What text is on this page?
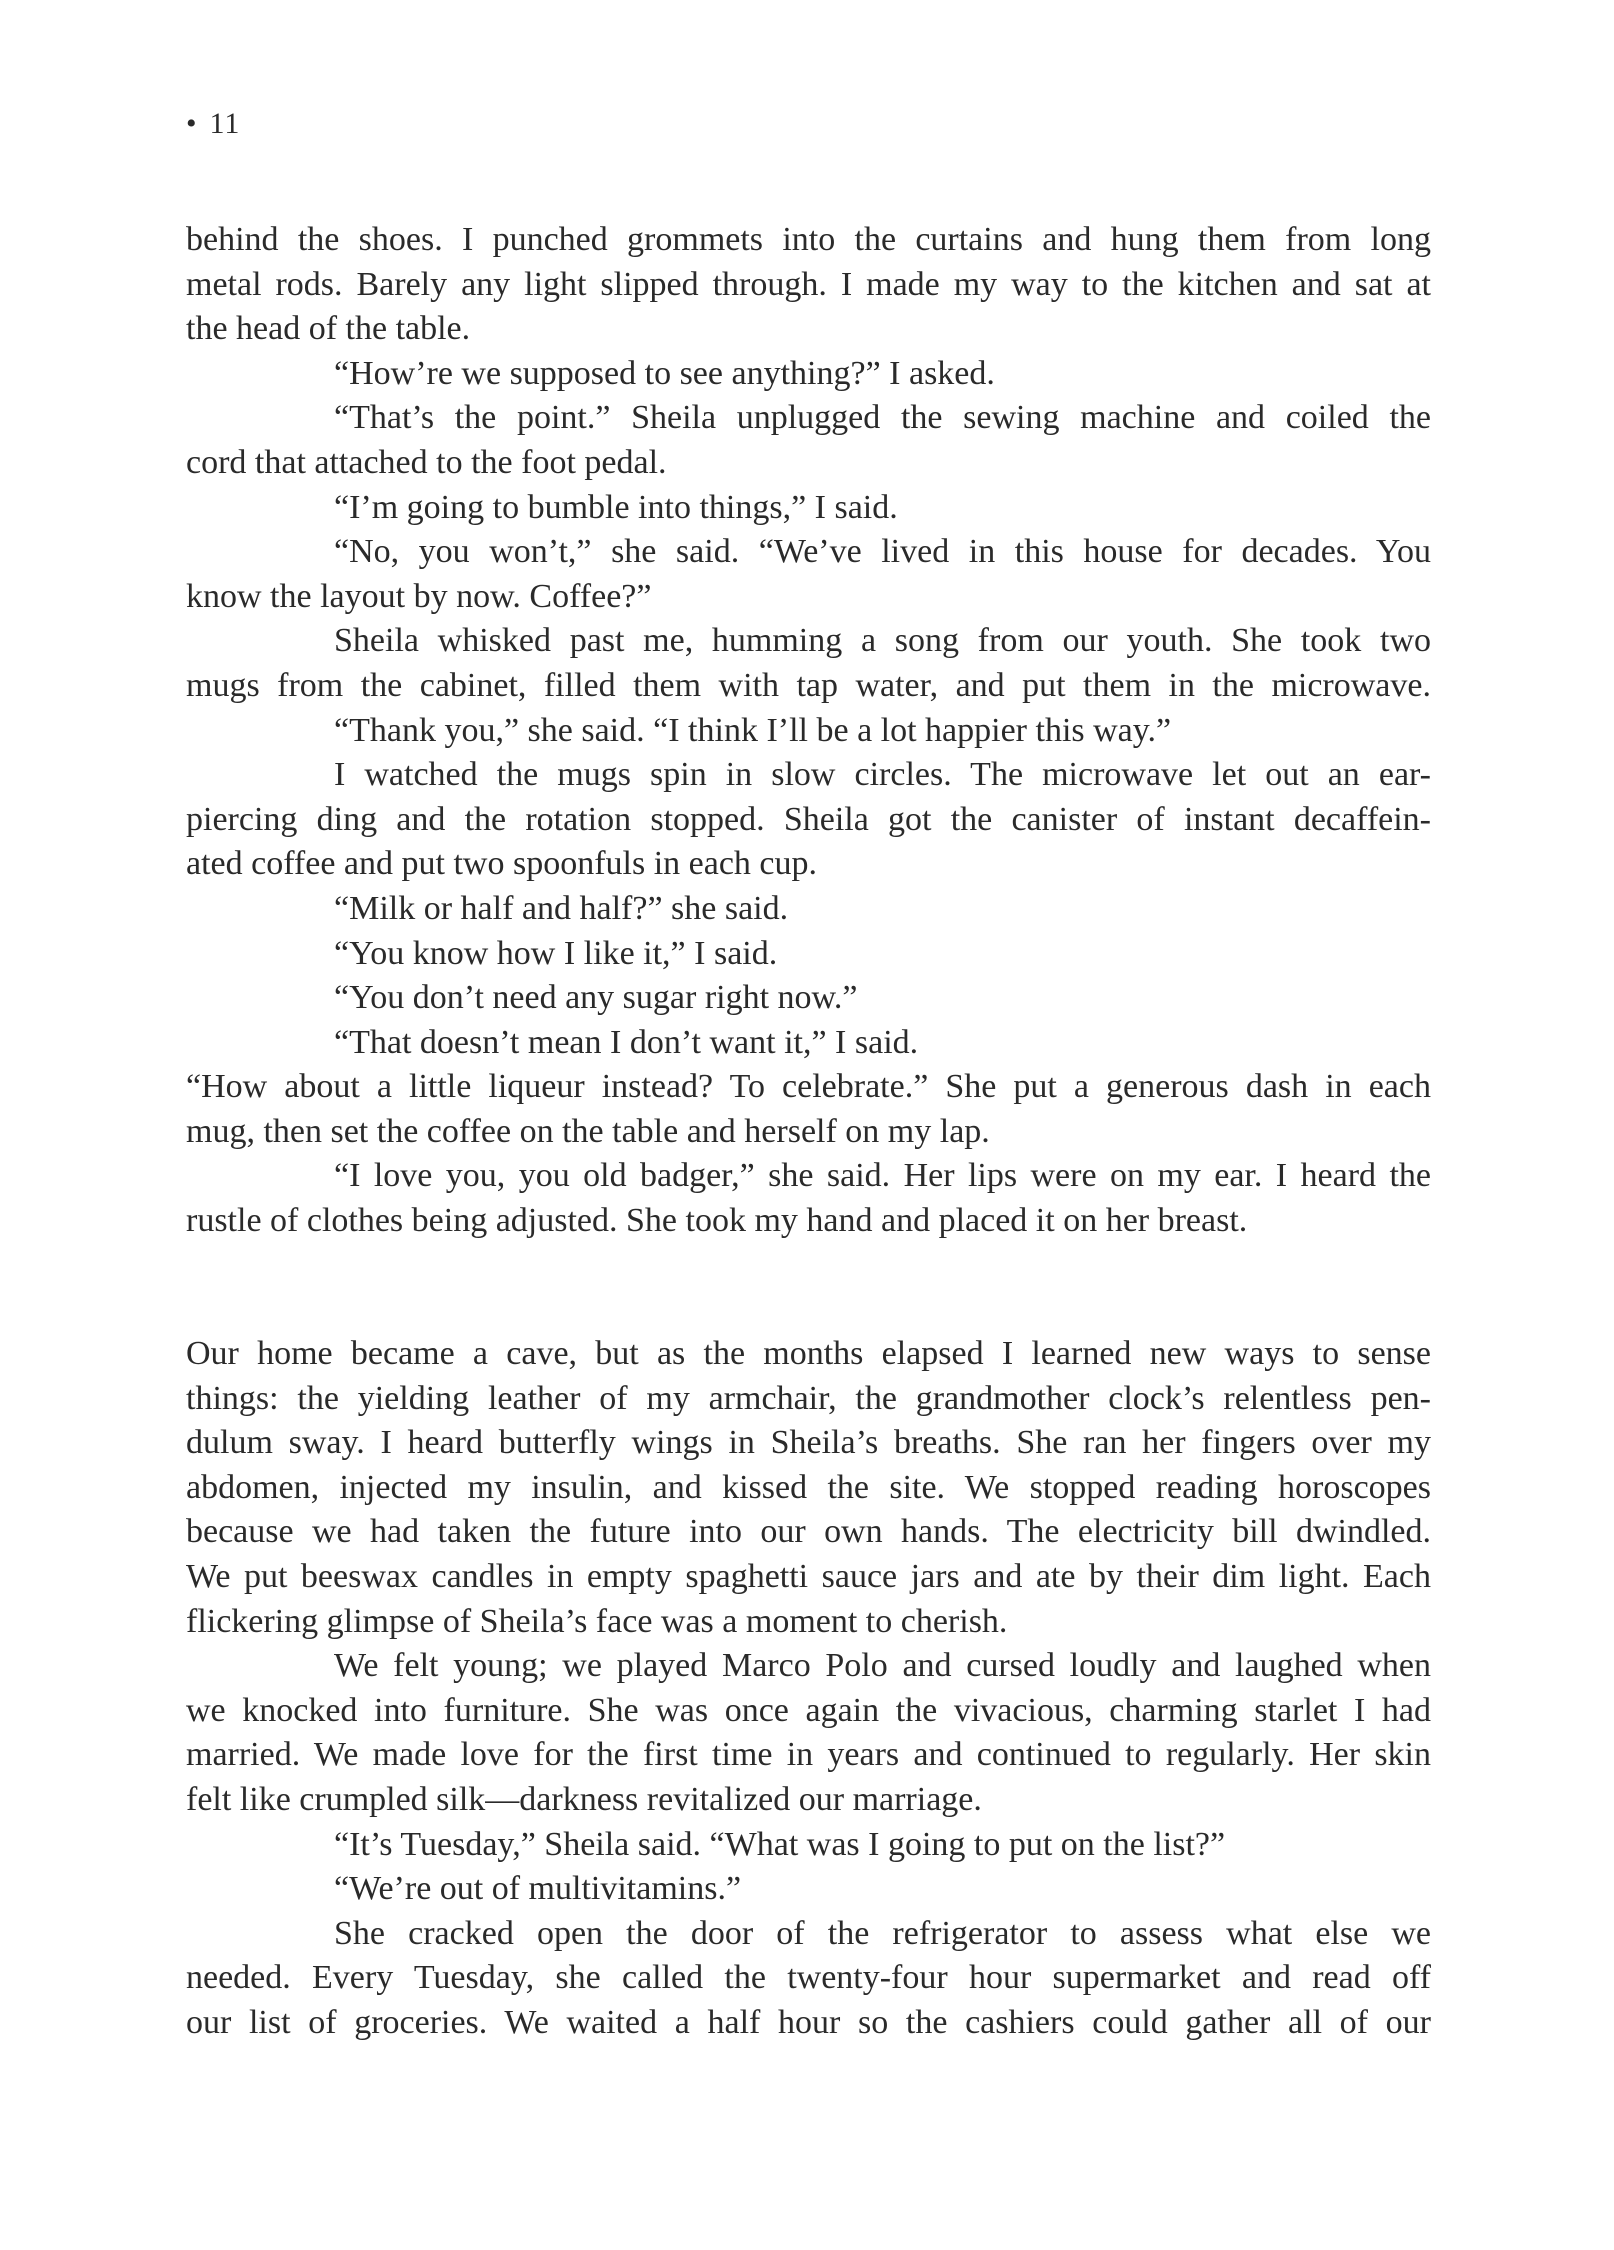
• 11
behind the shoes. I punched grommets into the curtains and hung them from long
metal rods. Barely any light slipped through. I made my way to the kitchen and sat at
the head of the table.
“How’re we supposed to see anything?” I asked.
“That’s the point.” Sheila unplugged the sewing machine and coiled the
cord that attached to the foot pedal.
“I’m going to bumble into things,” I said.
“No, you won’t,” she said. “We’ve lived in this house for decades. You
know the layout by now. Coffee?”
Sheila whisked past me, humming a song from our youth. She took two
mugs from the cabinet, filled them with tap water, and put them in the microwave.
“Thank you,” she said. “I think I’ll be a lot happier this way.”
I watched the mugs spin in slow circles. The microwave let out an ear-
piercing ding and the rotation stopped. Sheila got the canister of instant decaffein-
ated coffee and put two spoonfuls in each cup.
“Milk or half and half?” she said.
“You know how I like it,” I said.
“You don’t need any sugar right now.”
“That doesn’t mean I don’t want it,” I said.
“How about a little liqueur instead? To celebrate.” She put a generous dash in each
mug, then set the coffee on the table and herself on my lap.
“I love you, you old badger,” she said. Her lips were on my ear. I heard the
rustle of clothes being adjusted. She took my hand and placed it on her breast.
Our home became a cave, but as the months elapsed I learned new ways to sense
things: the yielding leather of my armchair, the grandmother clock’s relentless pen-
dulum sway. I heard butterfly wings in Sheila’s breaths. She ran her fingers over my
abdomen, injected my insulin, and kissed the site. We stopped reading horoscopes
because we had taken the future into our own hands. The electricity bill dwindled.
We put beeswax candles in empty spaghetti sauce jars and ate by their dim light. Each
flickering glimpse of Sheila’s face was a moment to cherish.
We felt young; we played Marco Polo and cursed loudly and laughed when
we knocked into furniture. She was once again the vivacious, charming starlet I had
married. We made love for the first time in years and continued to regularly. Her skin
felt like crumpled silk—darkness revitalized our marriage.
“It’s Tuesday,” Sheila said. “What was I going to put on the list?”
“We’re out of multivitamins.”
She cracked open the door of the refrigerator to assess what else we
needed. Every Tuesday, she called the twenty-four hour supermarket and read off
our list of groceries. We waited a half hour so the cashiers could gather all of our
